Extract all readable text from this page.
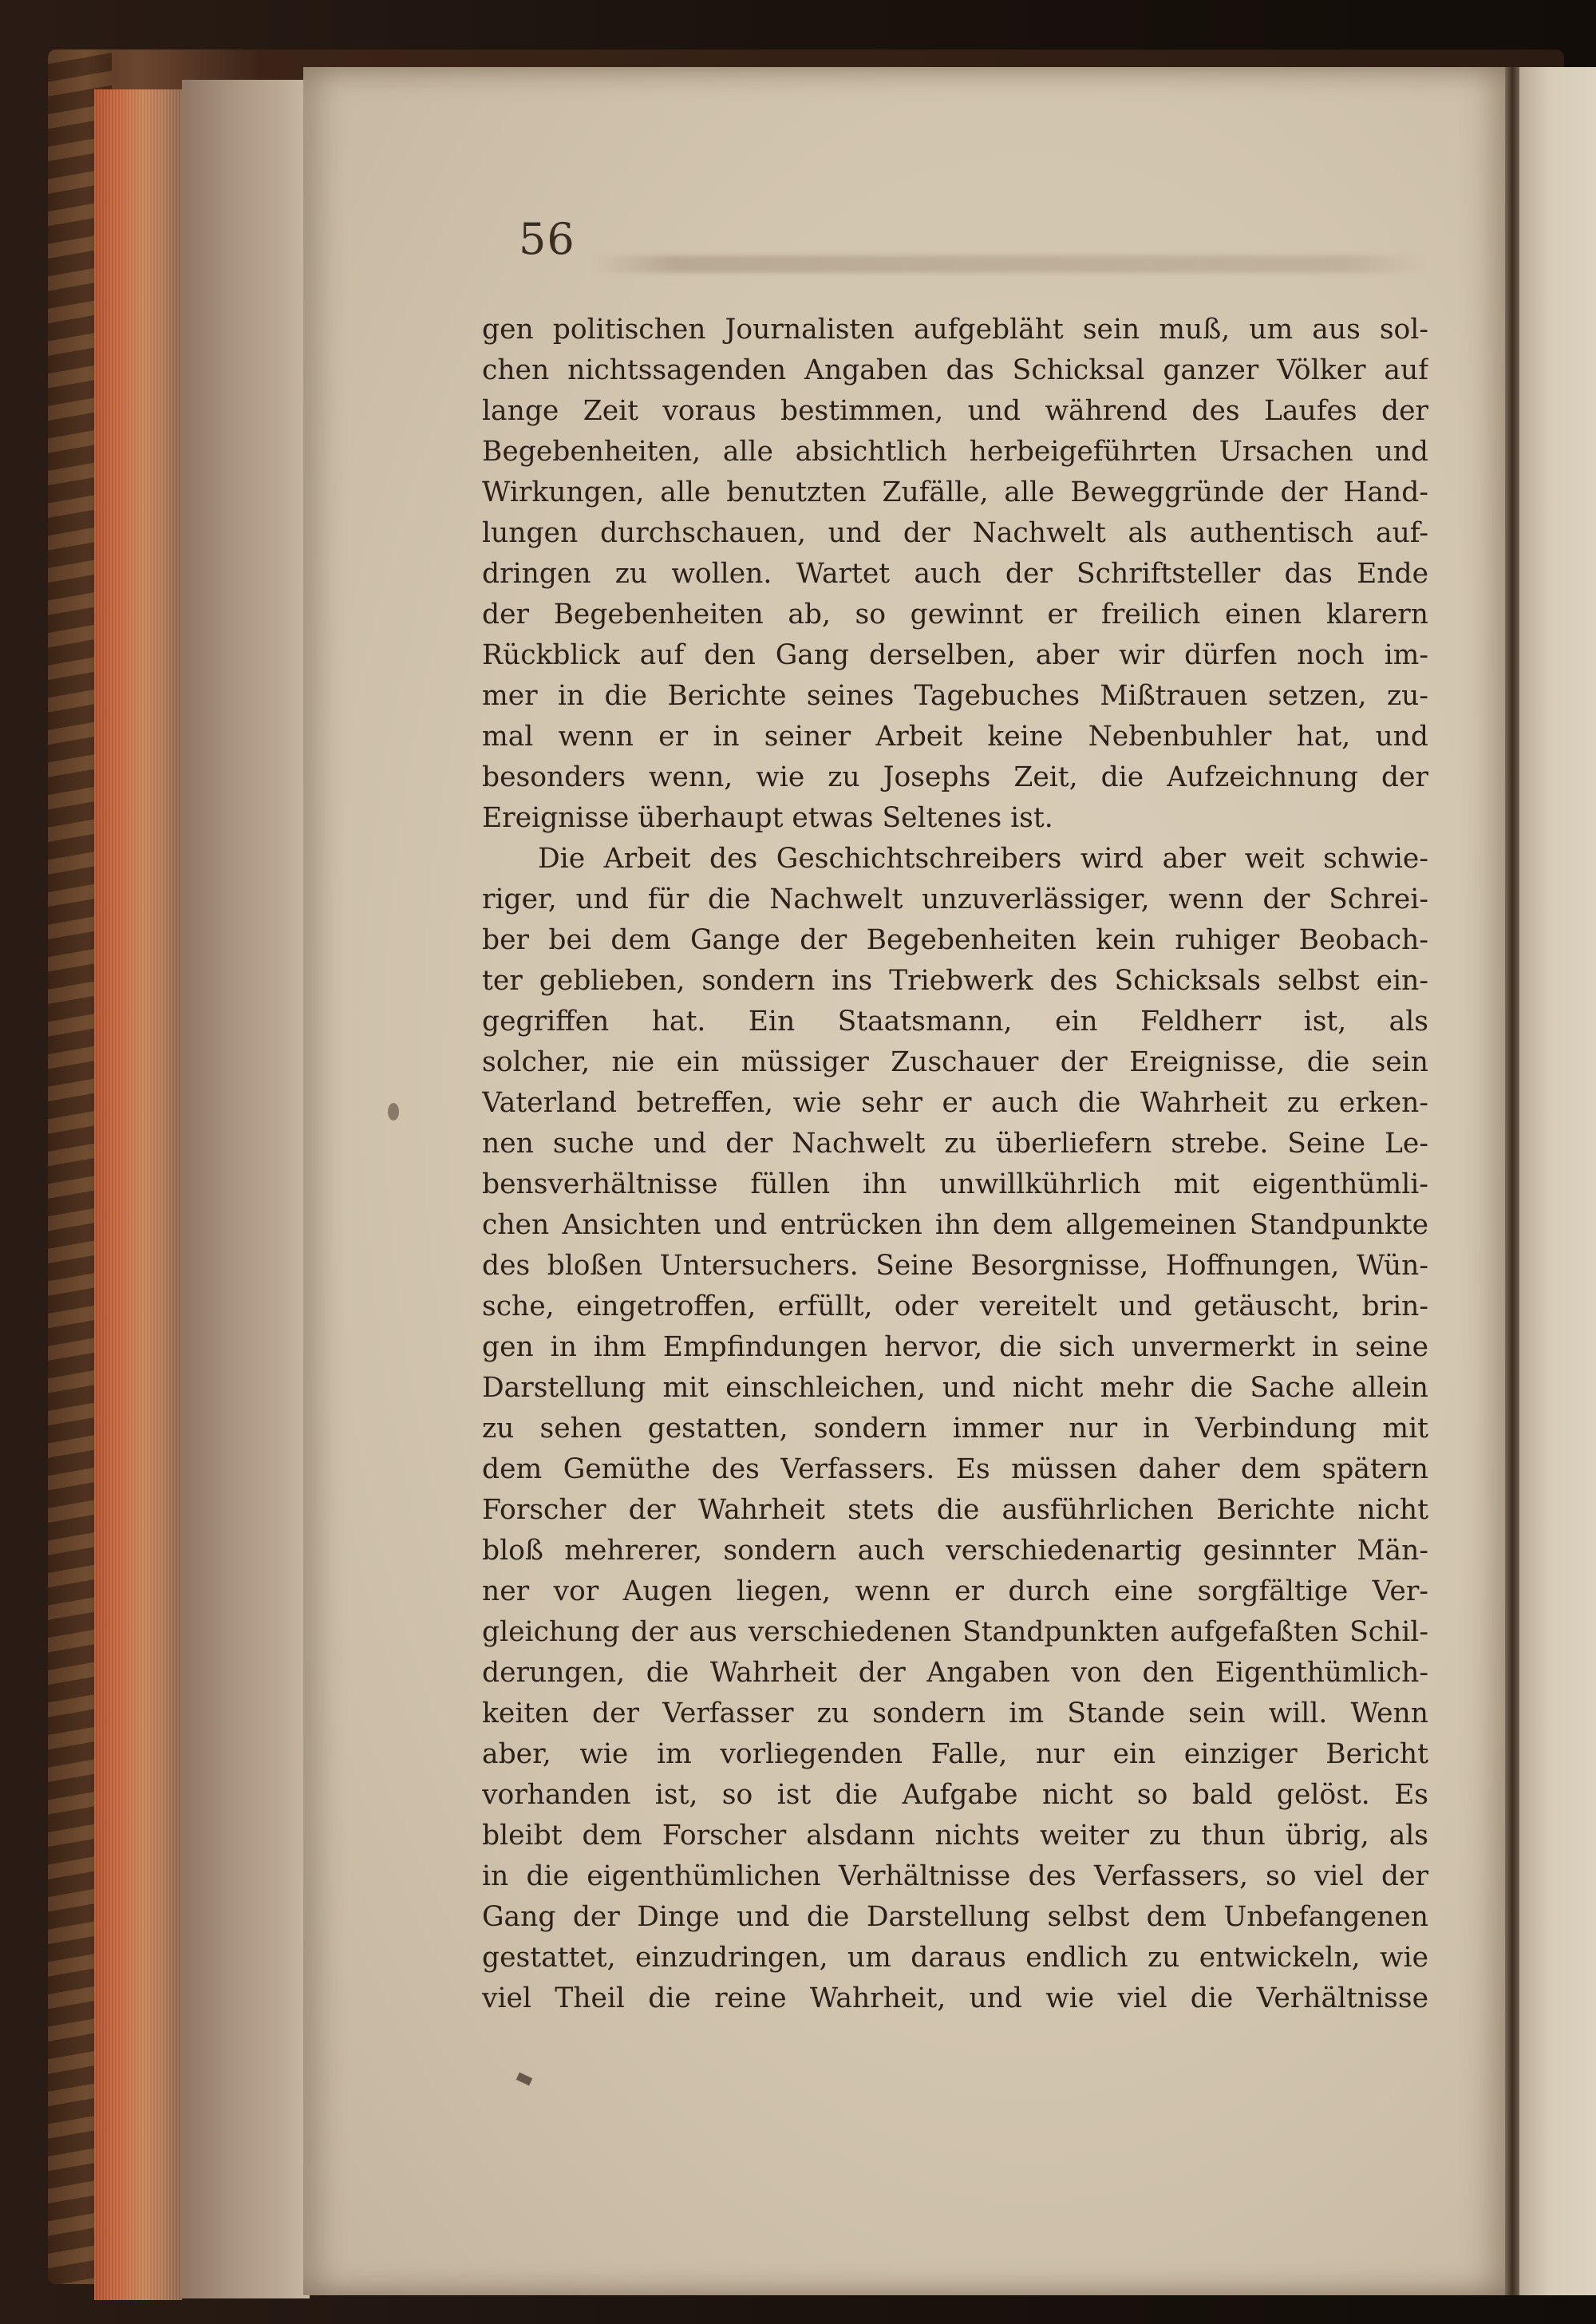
56
gen politischen Journalisten aufgebläht sein muß, um aus sol-
chen nichtssagenden Angaben das Schicksal ganzer Völker auf
lange Zeit voraus bestimmen, und während des Laufes der
Begebenheiten, alle absichtlich herbeigeführten Ursachen und
Wirkungen, alle benutzten Zufälle, alle Beweggründe der Hand-
lungen durchschauen, und der Nachwelt als authentisch auf-
dringen zu wollen. Wartet auch der Schriftsteller das Ende
der Begebenheiten ab, so gewinnt er freilich einen klarern
Rückblick auf den Gang derselben, aber wir dürfen noch im-
mer in die Berichte seines Tagebuches Mißtrauen setzen, zu-
mal wenn er in seiner Arbeit keine Nebenbuhler hat, und
besonders wenn, wie zu Josephs Zeit, die Aufzeichnung der
Ereignisse überhaupt etwas Seltenes ist.
Die Arbeit des Geschichtschreibers wird aber weit schwie-
riger, und für die Nachwelt unzuverlässiger, wenn der Schrei-
ber bei dem Gange der Begebenheiten kein ruhiger Beobach-
ter geblieben, sondern ins Triebwerk des Schicksals selbst ein-
gegriffen hat. Ein Staatsmann, ein Feldherr ist, als
solcher, nie ein müssiger Zuschauer der Ereignisse, die sein
Vaterland betreffen, wie sehr er auch die Wahrheit zu erken-
nen suche und der Nachwelt zu überliefern strebe. Seine Le-
bensverhältnisse füllen ihn unwillkührlich mit eigenthümli-
chen Ansichten und entrücken ihn dem allgemeinen Standpunkte
des bloßen Untersuchers. Seine Besorgnisse, Hoffnungen, Wün-
sche, eingetroffen, erfüllt, oder vereitelt und getäuscht, brin-
gen in ihm Empfindungen hervor, die sich unvermerkt in seine
Darstellung mit einschleichen, und nicht mehr die Sache allein
zu sehen gestatten, sondern immer nur in Verbindung mit
dem Gemüthe des Verfassers. Es müssen daher dem spätern
Forscher der Wahrheit stets die ausführlichen Berichte nicht
bloß mehrerer, sondern auch verschiedenartig gesinnter Män-
ner vor Augen liegen, wenn er durch eine sorgfältige Ver-
gleichung der aus verschiedenen Standpunkten aufgefaßten Schil-
derungen, die Wahrheit der Angaben von den Eigenthümlich-
keiten der Verfasser zu sondern im Stande sein will. Wenn
aber, wie im vorliegenden Falle, nur ein einziger Bericht
vorhanden ist, so ist die Aufgabe nicht so bald gelöst. Es
bleibt dem Forscher alsdann nichts weiter zu thun übrig, als
in die eigenthümlichen Verhältnisse des Verfassers, so viel der
Gang der Dinge und die Darstellung selbst dem Unbefangenen
gestattet, einzudringen, um daraus endlich zu entwickeln, wie
viel Theil die reine Wahrheit, und wie viel die Verhältnisse
